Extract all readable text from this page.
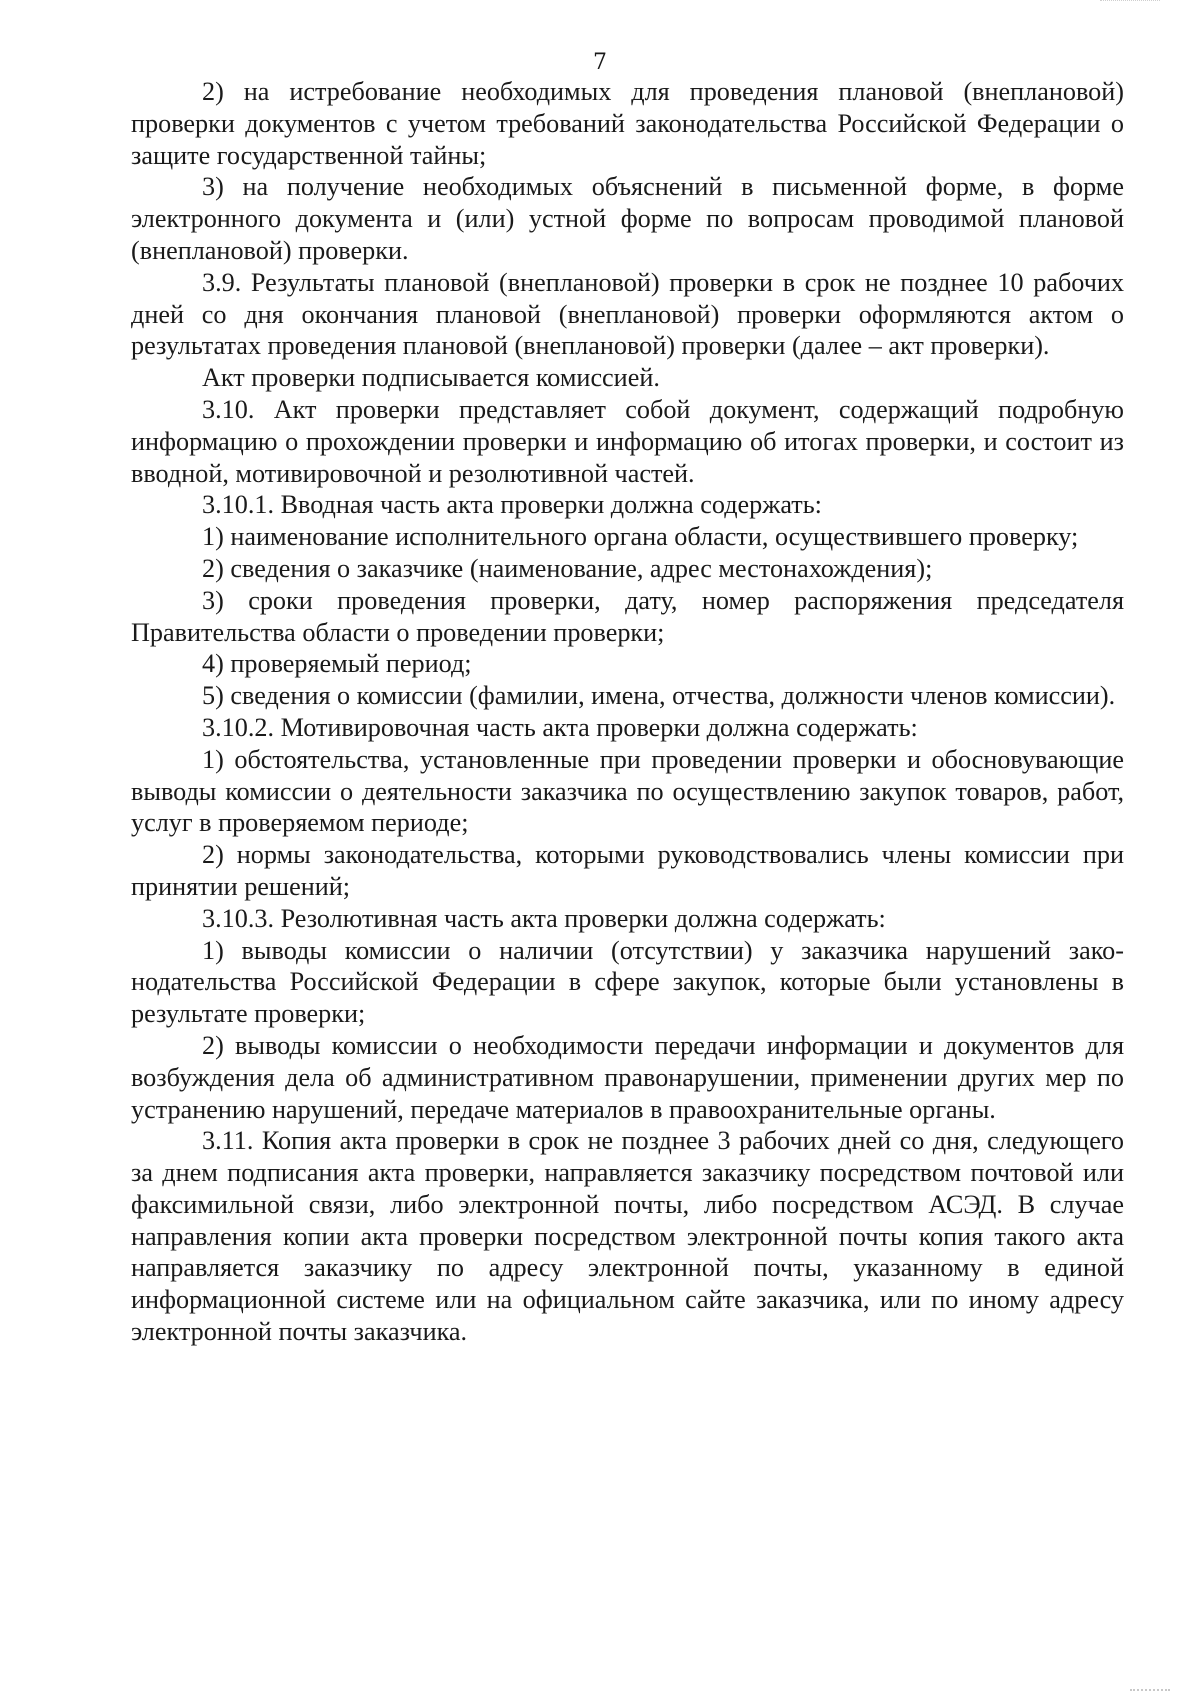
7

2) на истребование необходимых для проведения плановой (внеплановой) проверки документов с учетом требований законодательства Российской Федерации о защите государственной тайны;

3) на получение необходимых объяснений в письменной форме, в форме электронного документа и (или) устной форме по вопросам проводимой плановой (внеплановой) проверки.

3.9. Результаты плановой (внеплановой) проверки в срок не позднее 10 рабочих дней со дня окончания плановой (внеплановой) проверки оформляются актом о результатах проведения плановой (внеплановой) проверки (далее – акт проверки).

Акт проверки подписывается комиссией.

3.10. Акт проверки представляет собой документ, содержащий подробную информацию о прохождении проверки и информацию об итогах проверки, и состоит из вводной, мотивировочной и резолютивной частей.

3.10.1. Вводная часть акта проверки должна содержать:

1) наименование исполнительного органа области, осуществившего проверку;

2) сведения о заказчике (наименование, адрес местонахождения);

3) сроки проведения проверки, дату, номер распоряжения председателя Правительства области о проведении проверки;

4) проверяемый период;

5) сведения о комиссии (фамилии, имена, отчества, должности членов комиссии).

3.10.2. Мотивировочная часть акта проверки должна содержать:

1) обстоятельства, установленные при проведении проверки и обосновувающие выводы комиссии о деятельности заказчика по осуществлению закупок товаров, работ, услуг в проверяемом периоде;

2) нормы законодательства, которыми руководствовались члены комиссии при принятии решений;

3.10.3. Резолютивная часть акта проверки должна содержать:

1) выводы комиссии о наличии (отсутствии) у заказчика нарушений законодательства Российской Федерации в сфере закупок, которые были установлены в результате проверки;

2) выводы комиссии о необходимости передачи информации и документов для возбуждения дела об административном правонарушении, применении других мер по устранению нарушений, передаче материалов в правоохранительные органы.

3.11. Копия акта проверки в срок не позднее 3 рабочих дней со дня, следующего за днем подписания акта проверки, направляется заказчику посредством почтовой или факсимильной связи, либо электронной почты, либо посредством АСЭД. В случае направления копии акта проверки посредством электронной почты копия такого акта направляется заказчику по адресу электронной почты, указанному в единой информационной системе или на официальном сайте заказчика, или по иному адресу электронной почты заказчика.
